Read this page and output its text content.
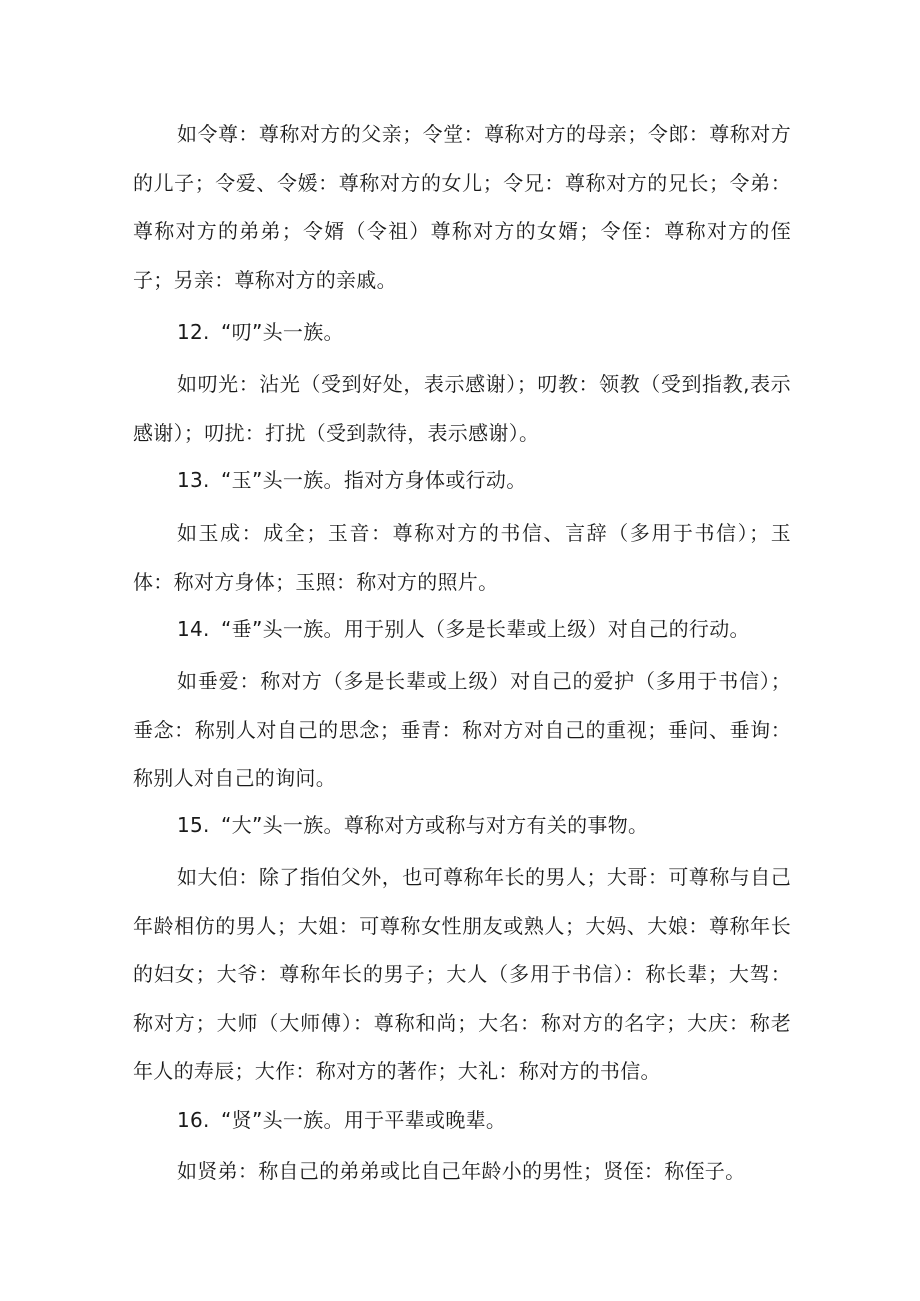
如令尊：尊称对方的父亲；令堂：尊称对方的母亲；令郎：尊称对方的儿子；令爱、令媛：尊称对方的女儿；令兄：尊称对方的兄长；令弟：尊称对方的弟弟；令婿（令祖）尊称对方的女婿；令侄：尊称对方的侄子；另亲：尊称对方的亲戚。

12. “叨”头一族。

如叨光：沾光（受到好处，表示感谢）；叨教：领教（受到指教,表示感谢）；叨扰：打扰（受到款待，表示感谢）。

13. “玉”头一族。指对方身体或行动。

如玉成：成全；玉音：尊称对方的书信、言辞（多用于书信）；玉体：称对方身体；玉照：称对方的照片。

14. “垂”头一族。用于别人（多是长辈或上级）对自己的行动。

如垂爱：称对方（多是长辈或上级）对自己的爱护（多用于书信）；垂念：称别人对自己的思念；垂青：称对方对自己的重视；垂问、垂询：称别人对自己的询问。

15. “大”头一族。尊称对方或称与对方有关的事物。

如大伯：除了指伯父外，也可尊称年长的男人；大哥：可尊称与自己年龄相仿的男人；大姐：可尊称女性朋友或熟人；大妈、大娘：尊称年长的妇女；大爷：尊称年长的男子；大人（多用于书信）：称长辈；大驾：称对方；大师（大师傅）：尊称和尚；大名：称对方的名字；大庆：称老年人的寿辰；大作：称对方的著作；大礼：称对方的书信。

16. “贤”头一族。用于平辈或晚辈。

如贤弟：称自己的弟弟或比自己年龄小的男性；贤侄：称侄子。
